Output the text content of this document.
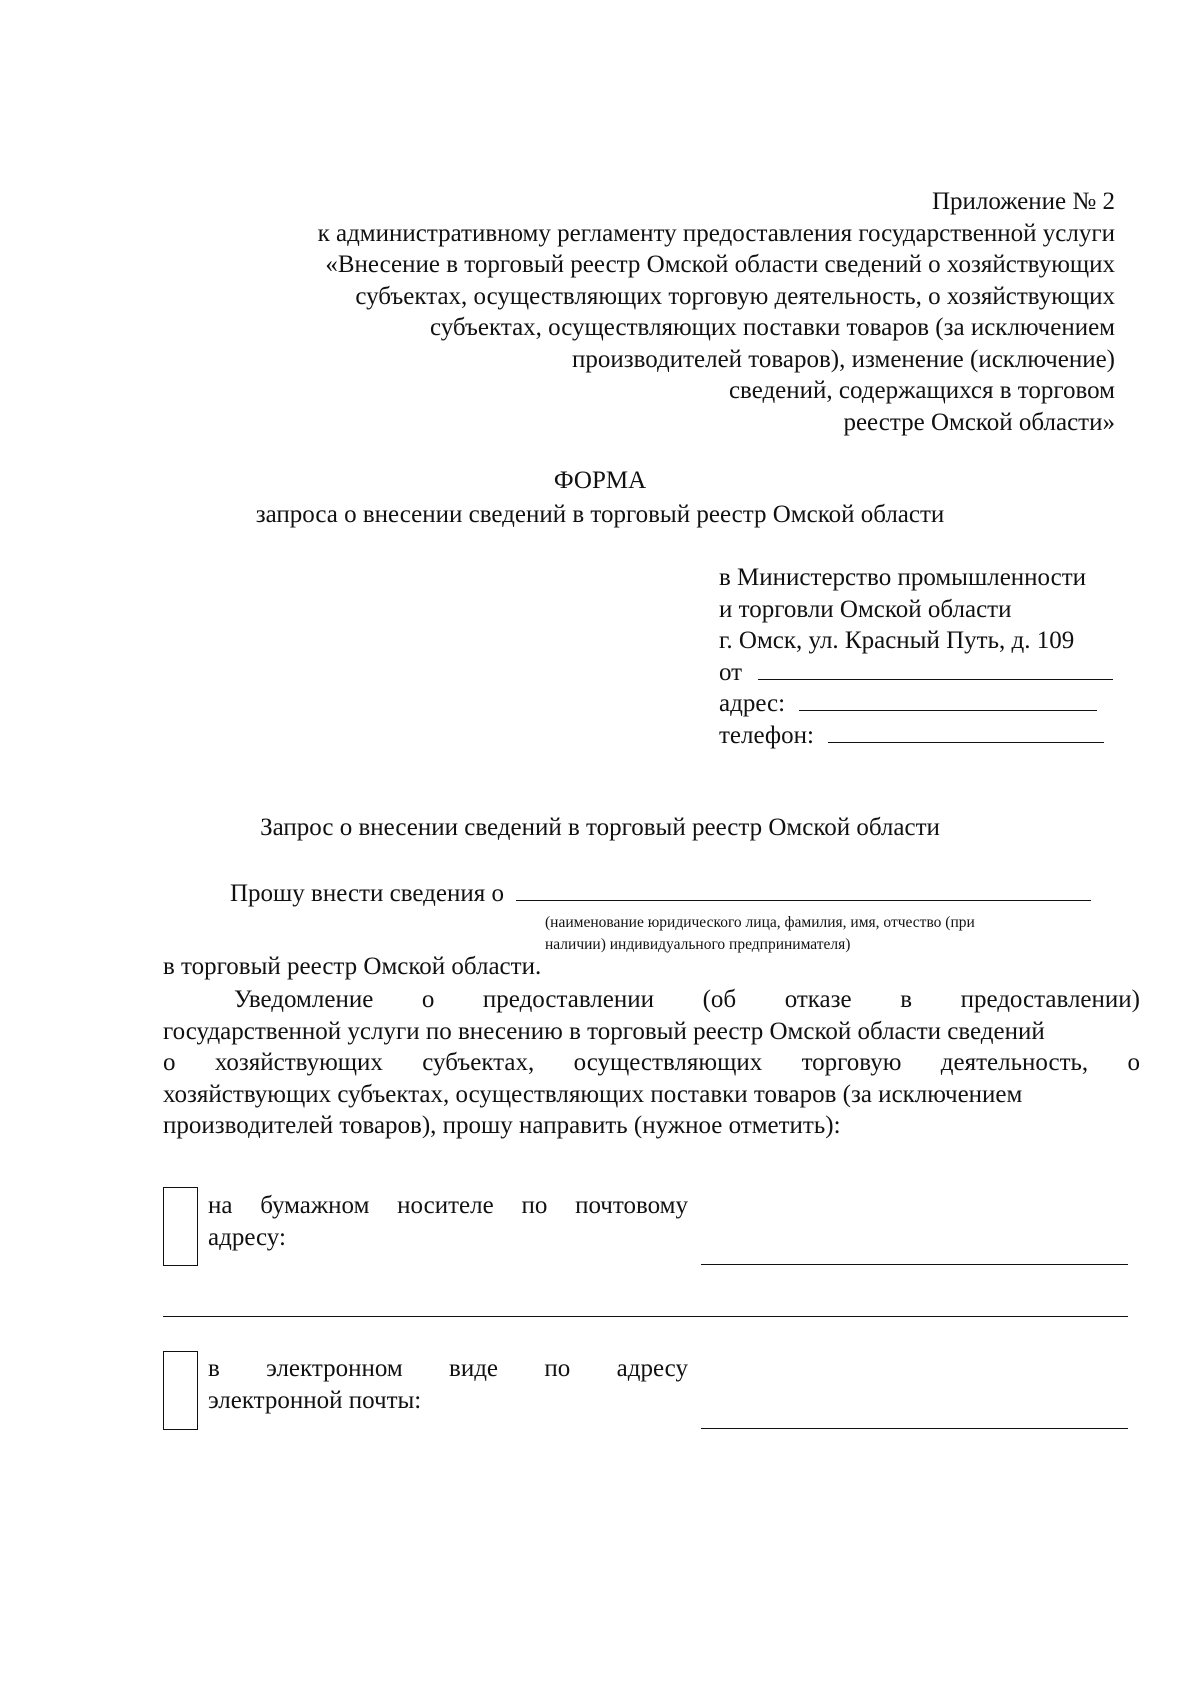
Приложение № 2
к административному регламенту предоставления государственной услуги
«Внесение в торговый реестр Омской области сведений о хозяйствующих
субъектах, осуществляющих торговую деятельность, о хозяйствующих
субъектах, осуществляющих поставки товаров (за исключением
производителей товаров), изменение (исключение)
сведений, содержащихся в торговом
реестре Омской области»
ФОРМА
запроса о внесении сведений в торговый реестр Омской области
в Министерство промышленности
и торговли Омской области
г. Омск, ул. Красный Путь, д. 109
от
адрес:
телефон:
Запрос о внесении сведений в торговый реестр Омской области
Прошу внести сведения о
(наименование юридического лица, фамилия, имя, отчество (при
наличии) индивидуального предпринимателя)
в торговый реестр Омской области.
Уведомление о предоставлении (об отказе в предоставлении)
государственной услуги по внесению в торговый реестр Омской области сведений
о хозяйствующих субъектах, осуществляющих торговую деятельность, о
хозяйствующих субъектах, осуществляющих поставки товаров (за исключением
производителей товаров), прошу направить (нужное отметить):
на бумажном носителе по почтовому
адресу:
в электронном виде по адресу
электронной почты:
